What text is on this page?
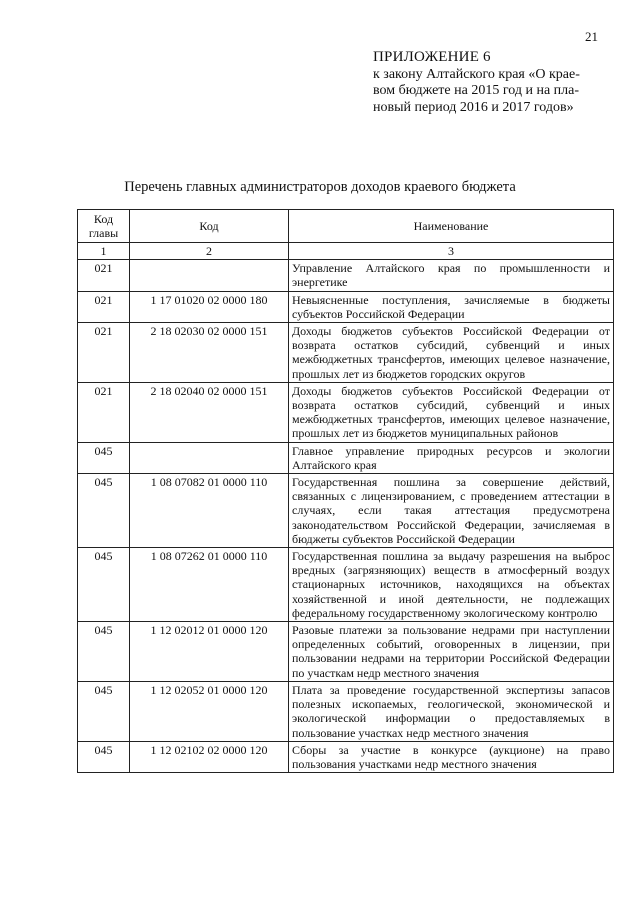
21
ПРИЛОЖЕНИЕ 6
к закону Алтайского края «О крае-
вом бюджете на 2015 год и на пла-
новый период 2016 и 2017 годов»
Перечень главных администраторов доходов краевого бюджета
Код главы	Код	Наименование
1	2	3
021		Управление Алтайского края по промышленности и энергетике
021	1 17 01020 02 0000 180	Невыясненные поступления, зачисляемые в бюджеты субъектов Российской Федерации
021	2 18 02030 02 0000 151	Доходы бюджетов субъектов Российской Федерации от возврата остатков субсидий, субвенций и иных межбюджетных трансфертов, имеющих целевое назначение, прошлых лет из бюджетов городских округов
021	2 18 02040 02 0000 151	Доходы бюджетов субъектов Российской Федерации от возврата остатков субсидий, субвенций и иных межбюджетных трансфертов, имеющих целевое назначение, прошлых лет из бюджетов муниципальных районов
045		Главное управление природных ресурсов и экологии Алтайского края
045	1 08 07082 01 0000 110	Государственная пошлина за совершение действий, связанных с лицензированием, с проведением аттестации в случаях, если такая аттестация предусмотрена законодательством Российской Федерации, зачисляемая в бюджеты субъектов Российской Федерации
045	1 08 07262 01 0000 110	Государственная пошлина за выдачу разрешения на выброс вредных (загрязняющих) веществ в атмосферный воздух стационарных источников, находящихся на объектах хозяйственной и иной деятельности, не подлежащих федеральному государственному экологическому контролю
045	1 12 02012 01 0000 120	Разовые платежи за пользование недрами при наступлении определенных событий, оговоренных в лицензии, при пользовании недрами на территории Российской Федерации по участкам недр местного значения
045	1 12 02052 01 0000 120	Плата за проведение государственной экспертизы запасов полезных ископаемых, геологической, экономической и экологической информации о предоставляемых в пользование участках недр местного значения
045	1 12 02102 02 0000 120	Сборы за участие в конкурсе (аукционе) на право пользования участками недр местного значения
